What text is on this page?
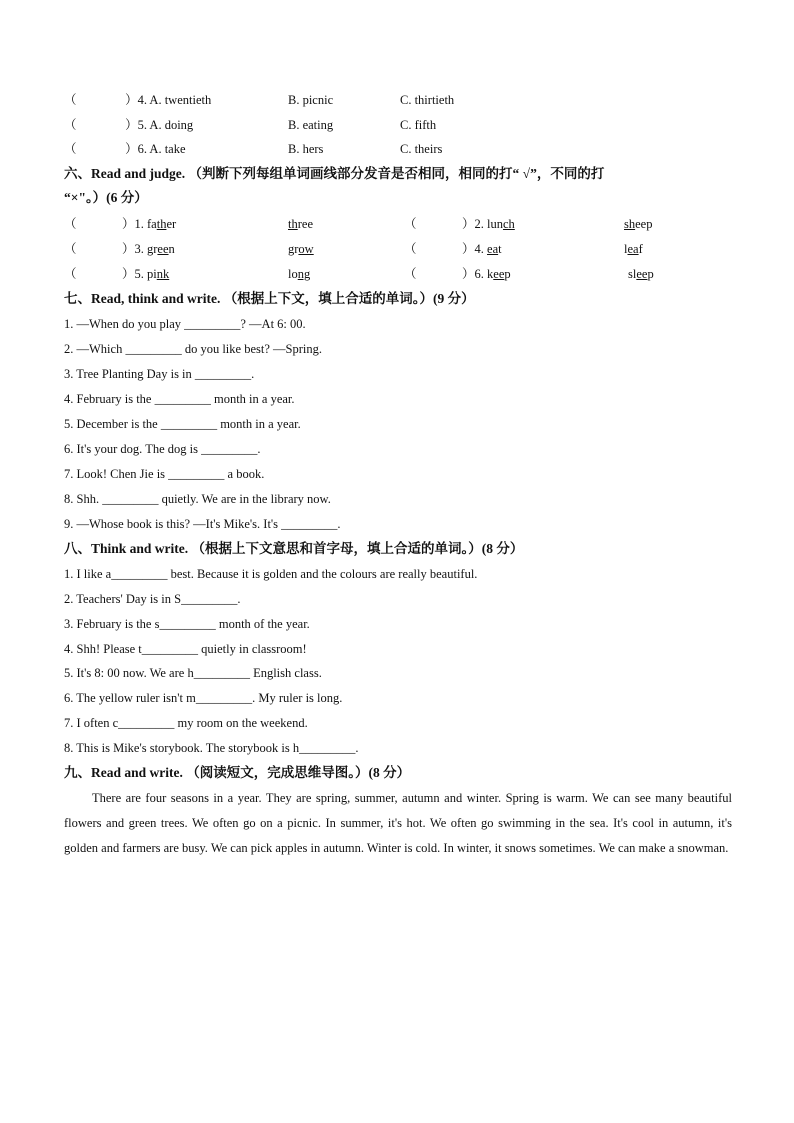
（	）4. A. twentieth	B. picnic	C. thirtieth
（	）5. A. doing	B. eating	C. fifth
（	）6. A. take	B. hers	C. theirs
六、Read and judge. （判断下列每组单词画线部分发音是否相同，相同的打“ √”，不同的打
“×"。）(6 分）
（	）1. father	three	（	）2. lunch	sheep
（	）3. green	grow	（	）4. eat	leaf
（	）5. pink	long	（	）6. keep	sleep
七、Read, think and write. （根据上下文，填上合适的单词。）(9 分）
1. —When do you play _________? —At 6: 00.
2. —Which _________ do you like best? —Spring.
3. Tree Planting Day is in _________.
4. February is the _________ month in a year.
5. December is the _________ month in a year.
6. It's your dog. The dog is _________.
7. Look! Chen Jie is _________ a book.
8. Shh. _________ quietly. We are in the library now.
9. —Whose book is this? —It's Mike's. It's _________.
八、Think and write. （根据上下文意思和首字母，填上合适的单词。）(8 分）
1. I like a_________ best. Because it is golden and the colours are really beautiful.
2. Teachers' Day is in S_________.
3. February is the s_________ month of the year.
4. Shh! Please t_________ quietly in classroom!
5. It's 8: 00 now. We are h_________ English class.
6. The yellow ruler isn't m_________. My ruler is long.
7. I often c_________ my room on the weekend.
8. This is Mike's storybook. The storybook is h_________.
九、Read and write. （阅读短文，完成思维导图。）(8 分）
There are four seasons in a year. They are spring, summer, autumn and winter. Spring is warm. We can see many beautiful flowers and green trees. We often go on a picnic. In summer, it's hot. We often go swimming in the sea. It's cool in autumn, it's golden and farmers are busy. We can pick apples in autumn. Winter is cold. In winter, it snows sometimes. We can make a snowman.
